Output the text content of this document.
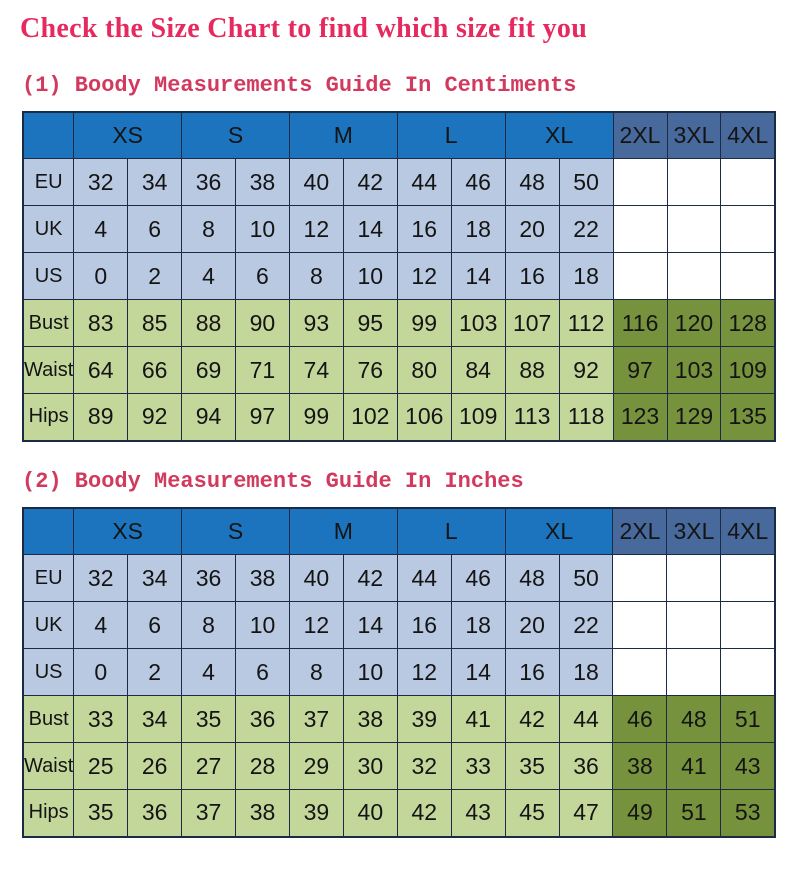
Check the Size Chart to find which size fit you
(1) Boody Measurements Guide In Centiments
	XS		S		M		L		XL		2XL	3XL	4XL
EU	32	34	36	38	40	42	44	46	48	50			
UK	4	6	8	10	12	14	16	18	20	22			
US	0	2	4	6	8	10	12	14	16	18			
Bust	83	85	88	90	93	95	99	103	107	112	116	120	128
Waist	64	66	69	71	74	76	80	84	88	92	97	103	109
Hips	89	92	94	97	99	102	106	109	113	118	123	129	135
(2) Boody Measurements Guide In Inches
	XS		S		M		L		XL		2XL	3XL	4XL
EU	32	34	36	38	40	42	44	46	48	50			
UK	4	6	8	10	12	14	16	18	20	22			
US	0	2	4	6	8	10	12	14	16	18			
Bust	33	34	35	36	37	38	39	41	42	44	46	48	51
Waist	25	26	27	28	29	30	32	33	35	36	38	41	43
Hips	35	36	37	38	39	40	42	43	45	47	49	51	53
